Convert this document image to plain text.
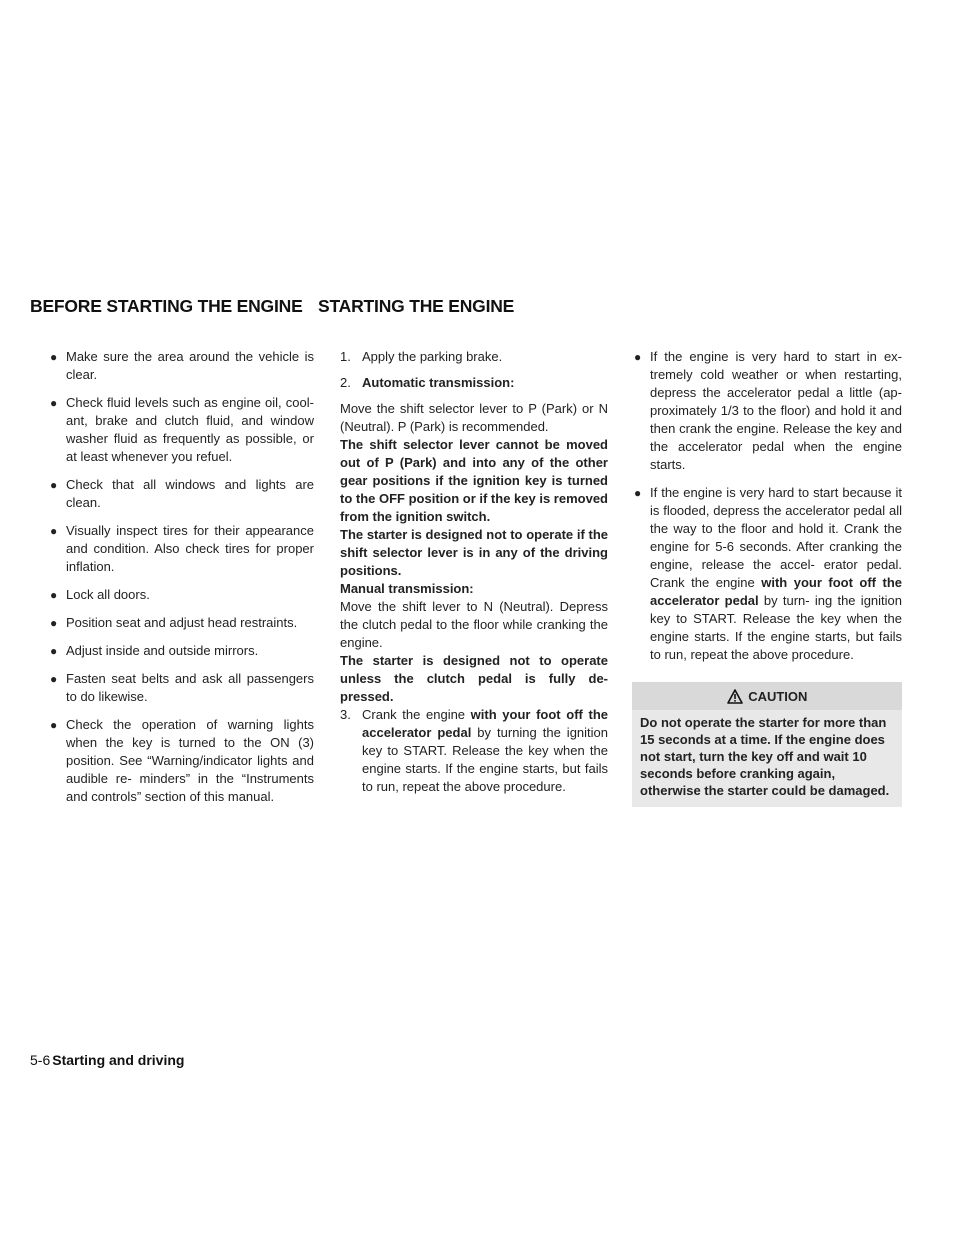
BEFORE STARTING THE ENGINE STARTING THE ENGINE
● Make sure the area around the vehicle is clear.
● Check fluid levels such as engine oil, cool- ant, brake and clutch fluid, and window washer fluid as frequently as possible, or at least whenever you refuel.
● Check that all windows and lights are clean.
● Visually inspect tires for their appearance and condition. Also check tires for proper inflation.
● Lock all doors.
● Position seat and adjust head restraints.
● Adjust inside and outside mirrors.
● Fasten seat belts and ask all passengers to do likewise.
● Check the operation of warning lights when the key is turned to the ON (3) position. See “Warning/indicator lights and audible re- minders” in the “Instruments and controls” section of this manual.
1. Apply the parking brake.
2. Automatic transmission:

Move the shift selector lever to P (Park) or N (Neutral). P (Park) is recommended.

The shift selector lever cannot be moved out of P (Park) and into any of the other gear positions if the ignition key is turned to the OFF position or if the key is removed from the ignition switch.

The starter is designed not to operate if the shift selector lever is in any of the driving positions.

Manual transmission:

Move the shift lever to N (Neutral). Depress the clutch pedal to the floor while cranking the engine.

The starter is designed not to operate unless the clutch pedal is fully de- pressed.

3. Crank the engine with your foot off the accelerator pedal by turning the ignition key to START. Release the key when the engine starts. If the engine starts, but fails to run, repeat the above procedure.
● If the engine is very hard to start in ex- tremely cold weather or when restarting, depress the accelerator pedal a little (ap- proximately 1/3 to the floor) and hold it and then crank the engine. Release the key and the accelerator pedal when the engine starts.
● If the engine is very hard to start because it is flooded, depress the accelerator pedal all the way to the floor and hold it. Crank the engine for 5-6 seconds. After cranking the engine, release the accel- erator pedal. Crank the engine with your foot off the accelerator pedal by turn- ing the ignition key to START. Release the key when the engine starts. If the engine starts, but fails to run, repeat the above procedure.
CAUTION
Do not operate the starter for more than 15 seconds at a time. If the engine does not start, turn the key off and wait 10 seconds before cranking again, otherwise the starter could be damaged.
5-6 Starting and driving
